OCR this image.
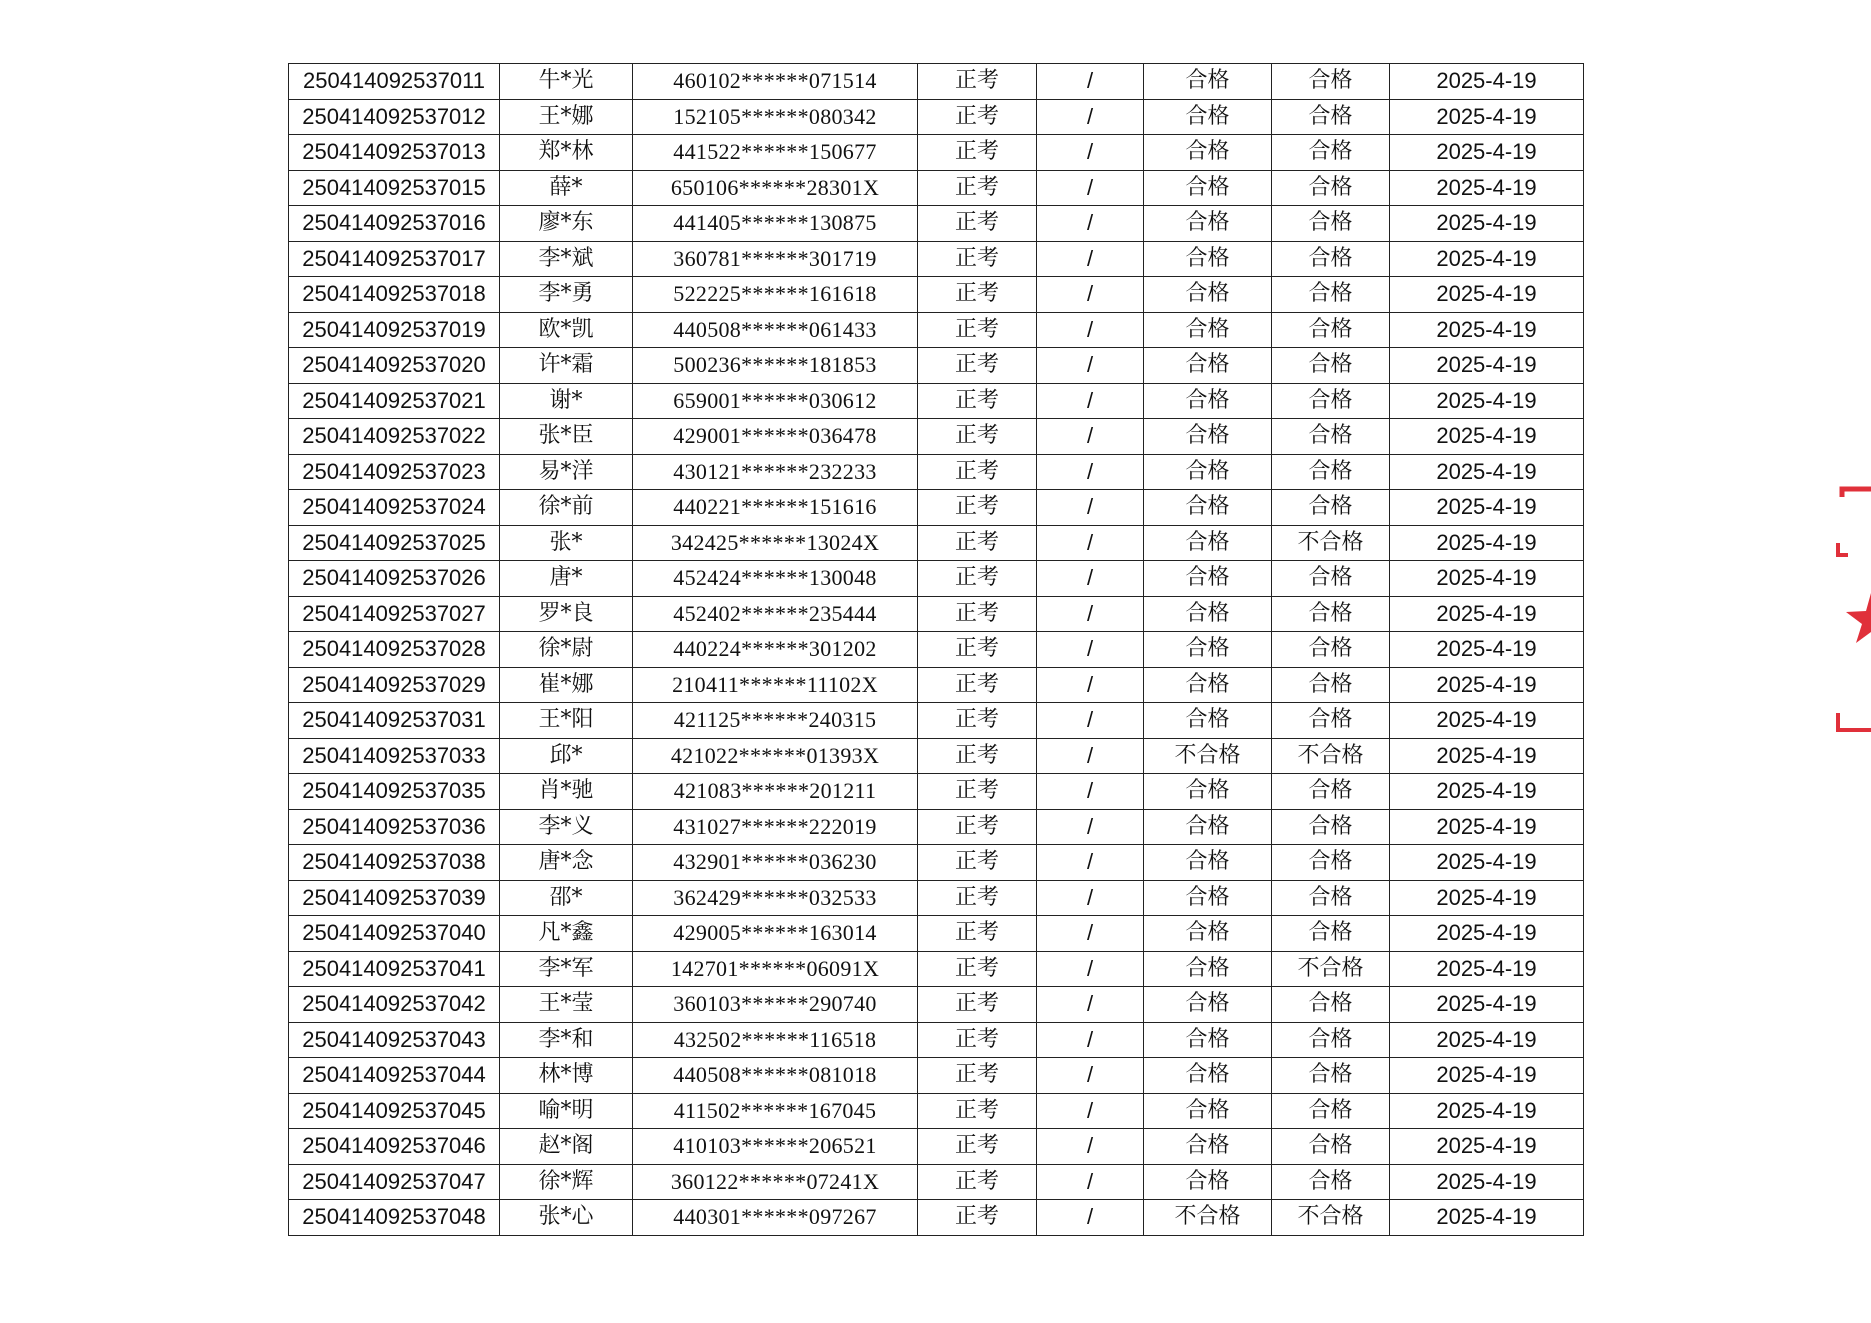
250414092537011	牛*光	460102******071514	正考	/	合格	合格	2025-4-19
250414092537012	王*娜	152105******080342	正考	/	合格	合格	2025-4-19
250414092537013	郑*林	441522******150677	正考	/	合格	合格	2025-4-19
250414092537015	薛*	650106******28301X	正考	/	合格	合格	2025-4-19
250414092537016	廖*东	441405******130875	正考	/	合格	合格	2025-4-19
250414092537017	李*斌	360781******301719	正考	/	合格	合格	2025-4-19
250414092537018	李*勇	522225******161618	正考	/	合格	合格	2025-4-19
250414092537019	欧*凯	440508******061433	正考	/	合格	合格	2025-4-19
250414092537020	许*霜	500236******181853	正考	/	合格	合格	2025-4-19
250414092537021	谢*	659001******030612	正考	/	合格	合格	2025-4-19
250414092537022	张*臣	429001******036478	正考	/	合格	合格	2025-4-19
250414092537023	易*洋	430121******232233	正考	/	合格	合格	2025-4-19
250414092537024	徐*前	440221******151616	正考	/	合格	合格	2025-4-19
250414092537025	张*	342425******13024X	正考	/	合格	不合格	2025-4-19
250414092537026	唐*	452424******130048	正考	/	合格	合格	2025-4-19
250414092537027	罗*良	452402******235444	正考	/	合格	合格	2025-4-19
250414092537028	徐*尉	440224******301202	正考	/	合格	合格	2025-4-19
250414092537029	崔*娜	210411******11102X	正考	/	合格	合格	2025-4-19
250414092537031	王*阳	421125******240315	正考	/	合格	合格	2025-4-19
250414092537033	邱*	421022******01393X	正考	/	不合格	不合格	2025-4-19
250414092537035	肖*驰	421083******201211	正考	/	合格	合格	2025-4-19
250414092537036	李*义	431027******222019	正考	/	合格	合格	2025-4-19
250414092537038	唐*念	432901******036230	正考	/	合格	合格	2025-4-19
250414092537039	邵*	362429******032533	正考	/	合格	合格	2025-4-19
250414092537040	凡*鑫	429005******163014	正考	/	合格	合格	2025-4-19
250414092537041	李*军	142701******06091X	正考	/	合格	不合格	2025-4-19
250414092537042	王*莹	360103******290740	正考	/	合格	合格	2025-4-19
250414092537043	李*和	432502******116518	正考	/	合格	合格	2025-4-19
250414092537044	林*博	440508******081018	正考	/	合格	合格	2025-4-19
250414092537045	喻*明	411502******167045	正考	/	合格	合格	2025-4-19
250414092537046	赵*阁	410103******206521	正考	/	合格	合格	2025-4-19
250414092537047	徐*辉	360122******07241X	正考	/	合格	合格	2025-4-19
250414092537048	张*心	440301******097267	正考	/	不合格	不合格	2025-4-19
